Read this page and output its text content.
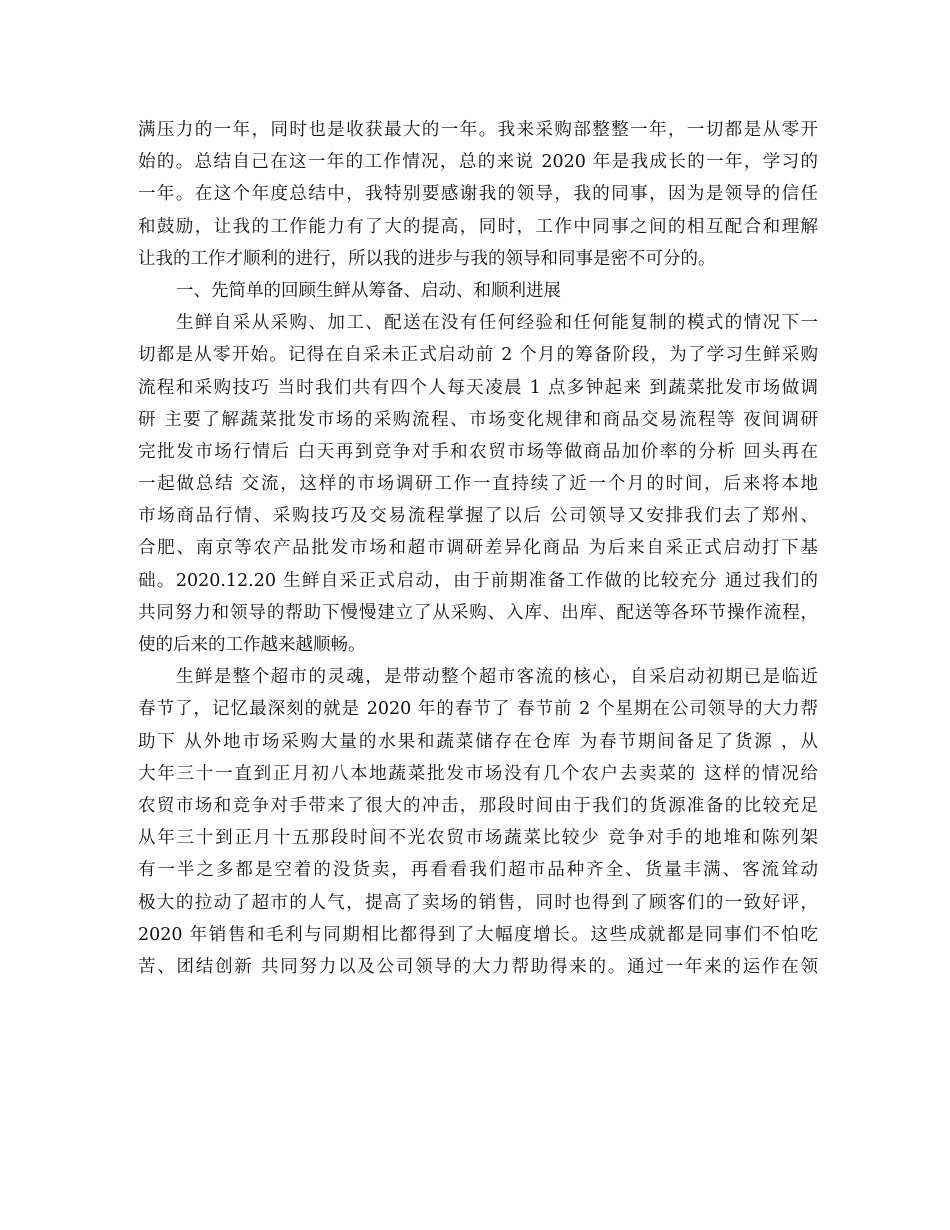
满压力的一年，同时也是收获最大的一年。我来采购部整整一年，一切都是从零开
始的。总结自己在这一年的工作情况，总的来说 2020 年是我成长的一年，学习的
一年。在这个年度总结中，我特别要感谢我的领导，我的同事，因为是领导的信任
和鼓励，让我的工作能力有了大的提高，同时，工作中同事之间的相互配合和理解
让我的工作才顺利的进行，所以我的进步与我的领导和同事是密不可分的。
一、先简单的回顾生鲜从筹备、启动、和顺利进展
生鲜自采从采购、加工、配送在没有任何经验和任何能复制的模式的情况下一
切都是从零开始。记得在自采未正式启动前 2 个月的筹备阶段，为了学习生鲜采购
流程和采购技巧 当时我们共有四个人每天凌晨 1 点多钟起来 到蔬菜批发市场做调
研 主要了解蔬菜批发市场的采购流程、市场变化规律和商品交易流程等 夜间调研
完批发市场行情后 白天再到竞争对手和农贸市场等做商品加价率的分析 回头再在
一起做总结 交流，这样的市场调研工作一直持续了近一个月的时间，后来将本地
市场商品行情、采购技巧及交易流程掌握了以后 公司领导又安排我们去了郑州、
合肥、南京等农产品批发市场和超市调研差异化商品 为后来自采正式启动打下基
础。2020.12.20 生鲜自采正式启动，由于前期准备工作做的比较充分 通过我们的
共同努力和领导的帮助下慢慢建立了从采购、入库、出库、配送等各环节操作流程，
使的后来的工作越来越顺畅。
生鲜是整个超市的灵魂，是带动整个超市客流的核心，自采启动初期已是临近
春节了，记忆最深刻的就是 2020 年的春节了 春节前 2 个星期在公司领导的大力帮
助下 从外地市场采购大量的水果和蔬菜储存在仓库 为春节期间备足了货源 ，从
大年三十一直到正月初八本地蔬菜批发市场没有几个农户去卖菜的 这样的情况给
农贸市场和竞争对手带来了很大的冲击，那段时间由于我们的货源准备的比较充足
从年三十到正月十五那段时间不光农贸市场蔬菜比较少 竞争对手的地堆和陈列架
有一半之多都是空着的没货卖，再看看我们超市品种齐全、货量丰满、客流耸动
极大的拉动了超市的人气，提高了卖场的销售，同时也得到了顾客们的一致好评，
2020 年销售和毛利与同期相比都得到了大幅度增长。这些成就都是同事们不怕吃
苦、团结创新 共同努力以及公司领导的大力帮助得来的。通过一年来的运作在领
